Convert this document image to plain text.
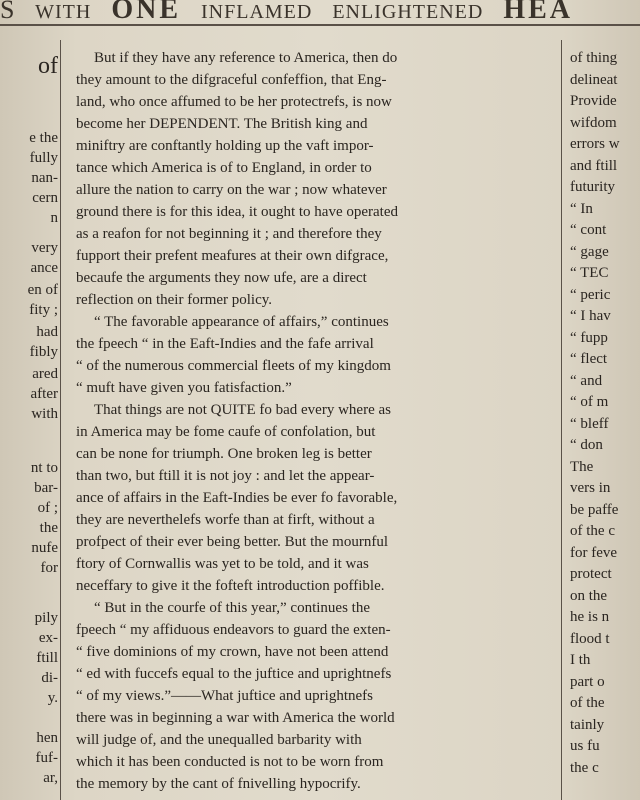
S WITH ONE INFLAMED ENLIGHTENED HEA
of
e the
fully
nan-
cern
n
very
ance
en of
fity ;
had
fibly
ared
after
with
nt to
bar-
of ;
the
nufe
for
pily
ex-
ftill
di-
y.
hen
fuf-
ar,
But if they have any reference to America, then do
they amount to the difgraceful confeffion, that Eng-
land, who once affumed to be her protectrefs, is now
become her DEPENDENT. The British king and
miniftry are conftantly holding up the vaft impor-
tance which America is of to England, in order to
allure the nation to carry on the war ; now whatever
ground there is for this idea, it ought to have operated
as a reafon for not beginning it ; and therefore they
fupport their prefent meafures at their own difgrace,
becaufe the arguments they now ufe, are a direct
reflection on their former policy.
“ The favorable appearance of affairs,” continues
the fpeech “ in the Eaft-Indies and the fafe arrival
“ of the numerous commercial fleets of my kingdom
“ muft have given you fatisfaction.”
That things are not QUITE fo bad every where as
in America may be fome caufe of confolation, but
can be none for triumph. One broken leg is better
than two, but ftill it is not joy : and let the appear-
ance of affairs in the Eaft-Indies be ever fo favorable,
they are neverthelefs worfe than at firft, without a
profpect of their ever being better. But the mournful
ftory of Cornwallis was yet to be told, and it was
neceffary to give it the fofteft introduction poffible.
“ But in the courfe of this year,” continues the
fpeech “ my affiduous endeavors to guard the exten-
“ five dominions of my crown, have not been attend
“ ed with fuccefs equal to the juftice and uprightnefs
“ of my views.”——What juftice and uprightnefs
there was in beginning a war with America the world
will judge of, and the unequalled barbarity with
which it has been conducted is not to be worn from
the memory by the cant of fnivelling hypocrify.
of thing
delineat
Provide
wifdom
errors w
and ftill
futurity
“ In
“ cont
“ gage
“ TEC
“ peric
“ I hav
“ fupp
“ flect
“ and
“ of m
“ bleff
“ don
The
vers in
be paffe
of the c
for feve
protect
on the
he is n
flood t
I th
part o
of the
tainly
us fu
the c
